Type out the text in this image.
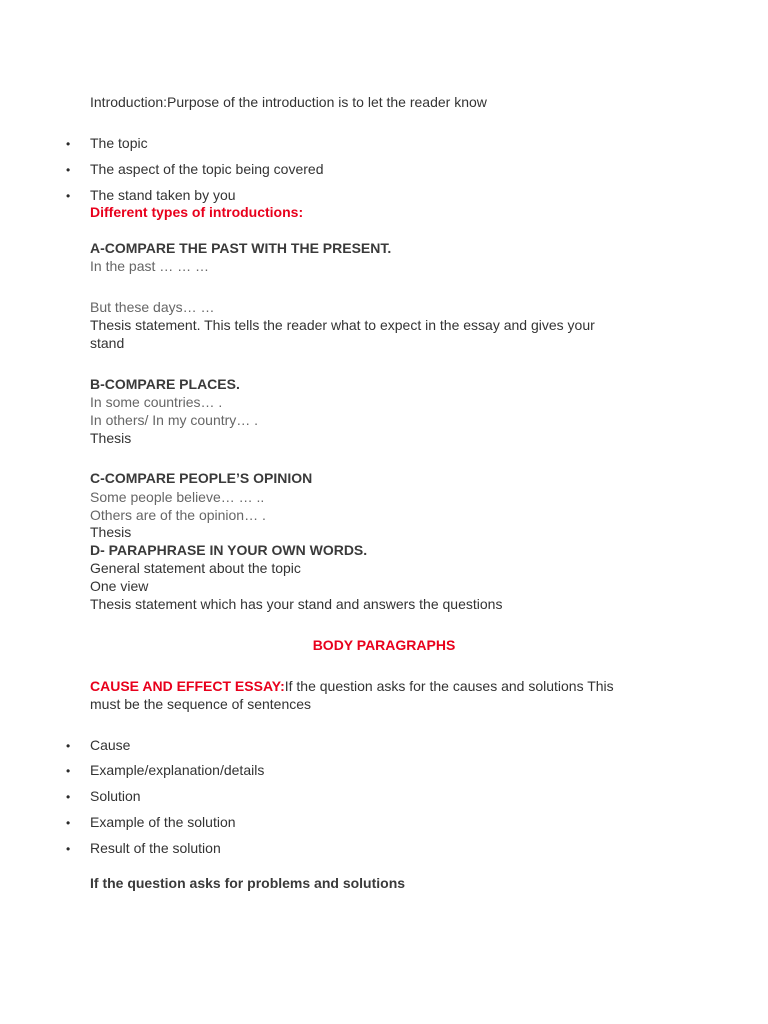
Introduction:Purpose of the introduction is to let the reader know
• The topic
• The aspect of the topic being covered
• The stand taken by you
Different types of introductions:
A-COMPARE THE PAST WITH THE PRESENT.
In the past … … …
But these days… …
Thesis statement. This tells the reader what to expect in the essay and gives your
stand
B-COMPARE PLACES.
In some countries… .
In others/ In my country… .
Thesis
C-COMPARE PEOPLE’S OPINION
Some people believe… … ..
Others are of the opinion… .
Thesis
D- PARAPHRASE IN YOUR OWN WORDS.
General statement about the topic
One view
Thesis statement which has your stand and answers the questions
BODY PARAGRAPHS
CAUSE AND EFFECT ESSAY:If the question asks for the causes and solutions This
must be the sequence of sentences
• Cause
• Example/explanation/details
• Solution
• Example of the solution
• Result of the solution
If the question asks for problems and solutions
